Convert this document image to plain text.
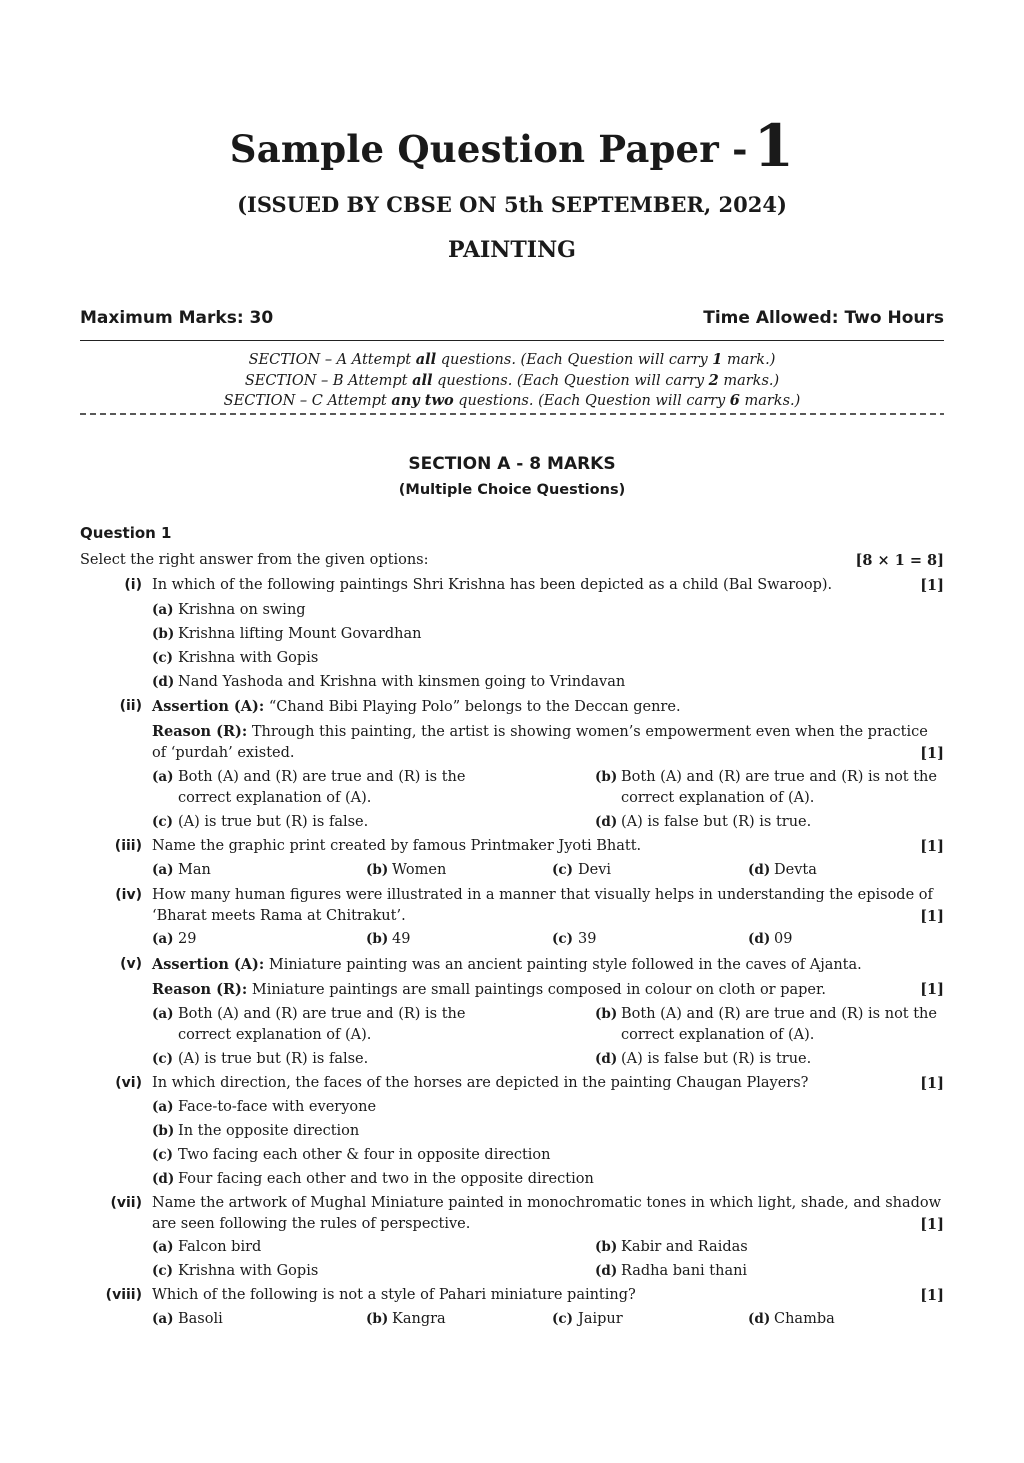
Sample Question Paper - 1
(ISSUED BY CBSE ON 5th SEPTEMBER, 2024)
PAINTING
Maximum Marks: 30	Time Allowed: Two Hours
SECTION – A Attempt all questions. (Each Question will carry 1 mark.)
SECTION – B Attempt all questions. (Each Question will carry 2 marks.)
SECTION – C Attempt any two questions. (Each Question will carry 6 marks.)
SECTION A - 8 MARKS
(Multiple Choice Questions)
Question 1
Select the right answer from the given options:	[8 × 1 = 8]
(i) In which of the following paintings Shri Krishna has been depicted as a child (Bal Swaroop).	[1]
(a) Krishna on swing
(b) Krishna lifting Mount Govardhan
(c) Krishna with Gopis
(d) Nand Yashoda and Krishna with kinsmen going to Vrindavan
(ii) Assertion (A): “Chand Bibi Playing Polo” belongs to the Deccan genre.
Reason (R): Through this painting, the artist is showing women’s empowerment even when the practice of ‘purdah’ existed.	[1]
(a) Both (A) and (R) are true and (R) is the correct explanation of (A).
(b) Both (A) and (R) are true and (R) is not the correct explanation of (A).
(c) (A) is true but (R) is false.	(d) (A) is false but (R) is true.
(iii) Name the graphic print created by famous Printmaker Jyoti Bhatt.	[1]
(a) Man	(b) Women	(c) Devi	(d) Devta
(iv) How many human figures were illustrated in a manner that visually helps in understanding the episode of ‘Bharat meets Rama at Chitrakut’.	[1]
(a) 29	(b) 49	(c) 39	(d) 09
(v) Assertion (A): Miniature painting was an ancient painting style followed in the caves of Ajanta.
Reason (R): Miniature paintings are small paintings composed in colour on cloth or paper.	[1]
(a) Both (A) and (R) are true and (R) is the correct explanation of (A).
(b) Both (A) and (R) are true and (R) is not the correct explanation of (A).
(c) (A) is true but (R) is false.	(d) (A) is false but (R) is true.
(vi) In which direction, the faces of the horses are depicted in the painting Chaugan Players?	[1]
(a) Face-to-face with everyone
(b) In the opposite direction
(c) Two facing each other & four in opposite direction
(d) Four facing each other and two in the opposite direction
(vii) Name the artwork of Mughal Miniature painted in monochromatic tones in which light, shade, and shadow are seen following the rules of perspective.	[1]
(a) Falcon bird	(b) Kabir and Raidas
(c) Krishna with Gopis	(d) Radha bani thani
(viii) Which of the following is not a style of Pahari miniature painting?	[1]
(a) Basoli	(b) Kangra	(c) Jaipur	(d) Chamba
